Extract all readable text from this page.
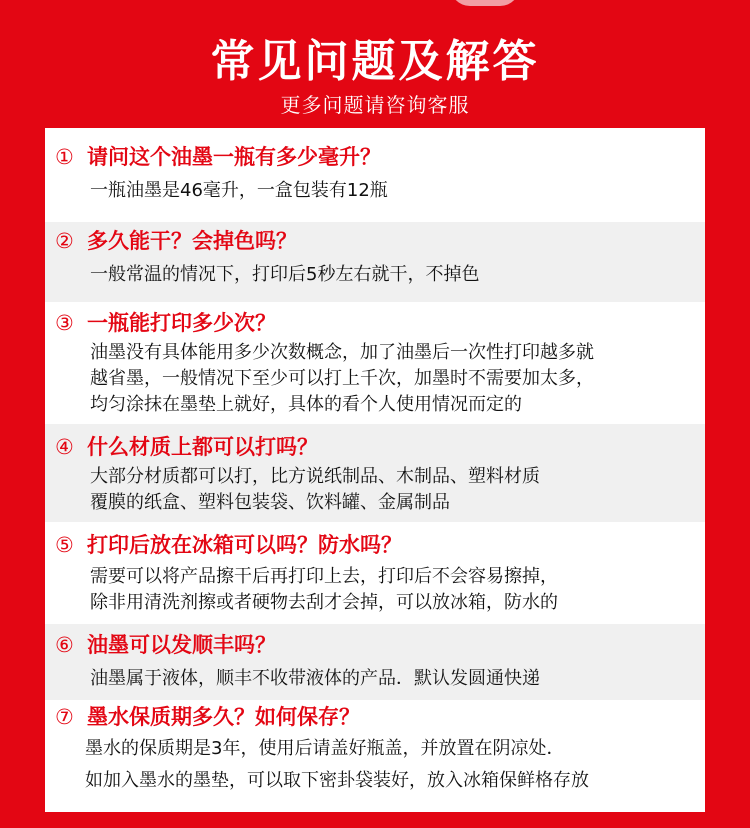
常见问题及解答
更多问题请咨询客服
① 请问这个油墨一瓶有多少毫升？
一瓶油墨是46毫升，一盒包装有12瓶
② 多久能干？会掉色吗？
一般常温的情况下，打印后5秒左右就干，不掉色
③ 一瓶能打印多少次？
油墨没有具体能用多少次数概念，加了油墨后一次性打印越多就
越省墨，一般情况下至少可以打上千次，加墨时不需要加太多，
均匀涂抹在墨垫上就好，具体的看个人使用情况而定的
④ 什么材质上都可以打吗？
大部分材质都可以打，比方说纸制品、木制品、塑料材质
覆膜的纸盒、塑料包装袋、饮料罐、金属制品
⑤ 打印后放在冰箱可以吗？防水吗？
需要可以将产品擦干后再打印上去，打印后不会容易擦掉，
除非用清洗剂擦或者硬物去刮才会掉，可以放冰箱，防水的
⑥ 油墨可以发顺丰吗？
油墨属于液体，顺丰不收带液体的产品．默认发圆通快递
⑦ 墨水保质期多久？如何保存？
墨水的保质期是3年，使用后请盖好瓶盖，并放置在阴凉处．
如加入墨水的墨垫，可以取下密卦袋装好，放入冰箱保鲜格存放
